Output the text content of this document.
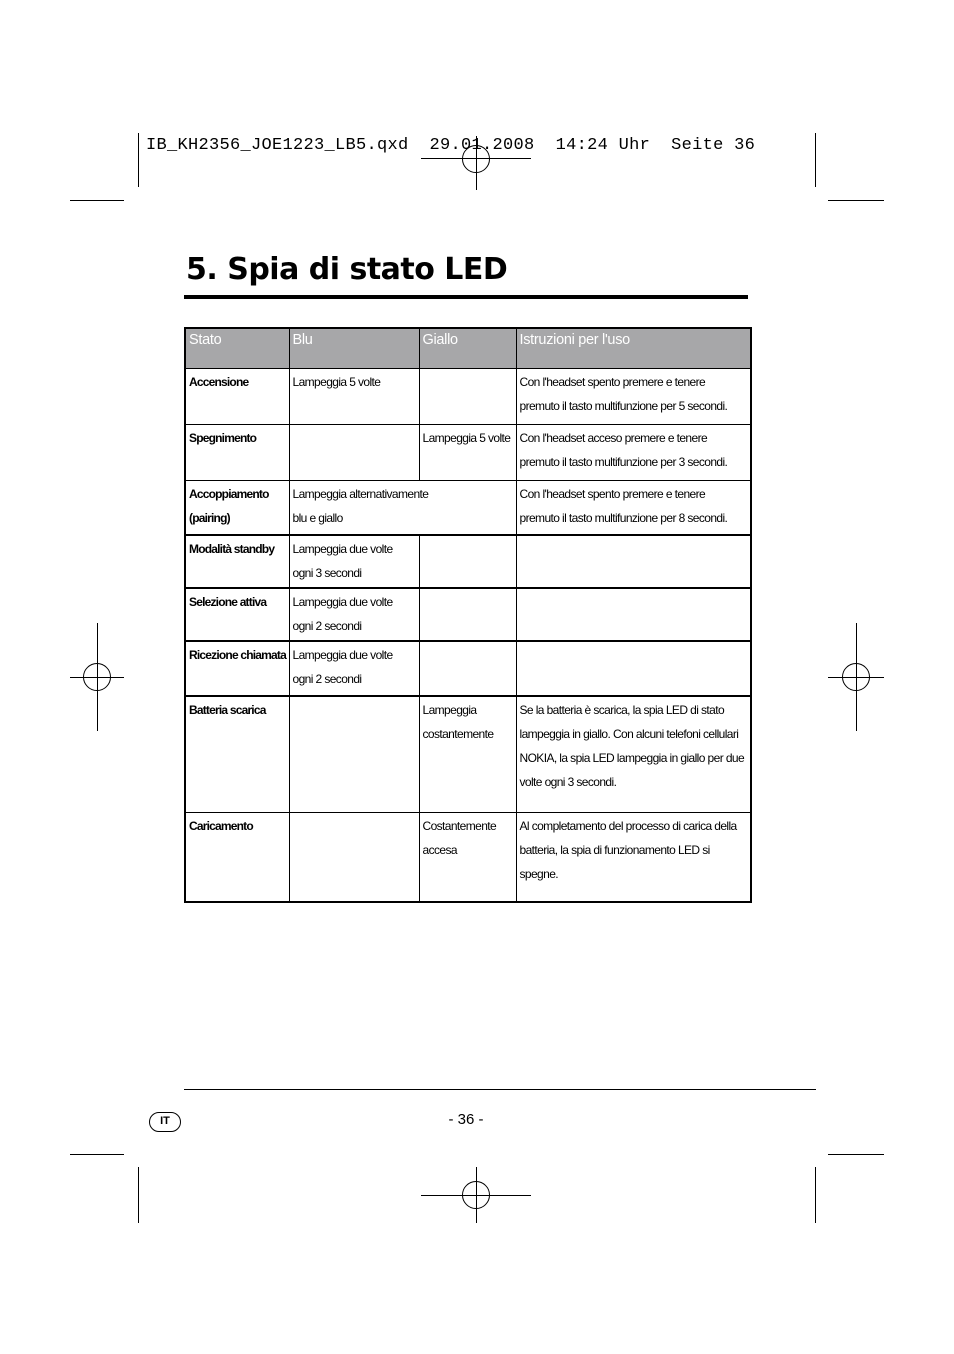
IB_KH2356_JOE1223_LB5.qxd  29.01.2008  14:24 Uhr  Seite 36
5. Spia di stato LED
Stato	Blu	Giallo	Istruzioni per l'uso
Accensione	Lampeggia 5 volte		Con l'headset spento premere e tenere premuto il tasto multifunzione per 5 secondi.
Spegnimento		Lampeggia 5 volte	Con l'headset acceso premere e tenere premuto il tasto multifunzione per 3 secondi.
Accoppiamento (pairing)	Lampeggia alternativamente blu e giallo		Con l'headset spento premere e tenere premuto il tasto multifunzione per 8 secondi.
Modalità standby	Lampeggia due volte ogni 3 secondi		
Selezione attiva	Lampeggia due volte ogni 2 secondi		
Ricezione chiamata	Lampeggia due volte ogni 2 secondi		
Batteria scarica		Lampeggia costantemente	Se la batteria è scarica, la spia LED di stato lampeggia in giallo. Con alcuni telefoni cellulari NOKIA, la spia LED lampeggia in giallo per due volte ogni 3 secondi.
Caricamento		Costantemente accesa	Al completamento del processo di carica della batteria, la spia di funzionamento LED si spegne.
IT	- 36 -
